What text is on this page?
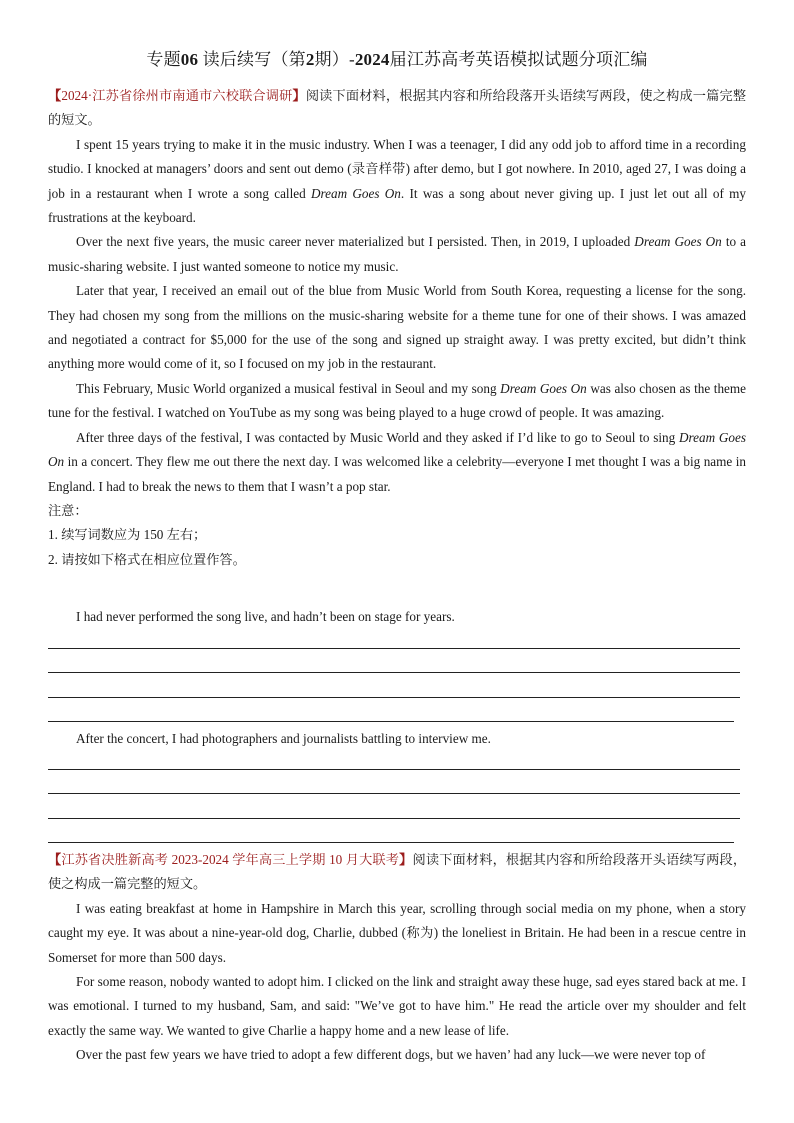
专题06 读后续写（第2期）-2024届江苏高考英语模拟试题分项汇编

【2024·江苏省徐州市南通市六校联合调研】阅读下面材料，根据其内容和所给段落开头语续写两段，使之构成一篇完整的短文。

I spent 15 years trying to make it in the music industry. When I was a teenager, I did any odd job to afford time in a recording studio. I knocked at managers’ doors and sent out demo (录音样带) after demo, but I got nowhere. In 2010, aged 27, I was doing a job in a restaurant when I wrote a song called Dream Goes On. It was a song about never giving up. I just let out all of my frustrations at the keyboard.

Over the next five years, the music career never materialized but I persisted. Then, in 2019, I uploaded Dream Goes On to a music-sharing website. I just wanted someone to notice my music.

Later that year, I received an email out of the blue from Music World from South Korea, requesting a license for the song. They had chosen my song from the millions on the music-sharing website for a theme tune for one of their shows. I was amazed and negotiated a contract for $5,000 for the use of the song and signed up straight away. I was pretty excited, but didn’t think anything more would come of it, so I focused on my job in the restaurant.

This February, Music World organized a musical festival in Seoul and my song Dream Goes On was also chosen as the theme tune for the festival. I watched on YouTube as my song was being played to a huge crowd of people. It was amazing.

After three days of the festival, I was contacted by Music World and they asked if I’d like to go to Seoul to sing Dream Goes On in a concert. They flew me out there the next day. I was welcomed like a celebrity—everyone I met thought I was a big name in England. I had to break the news to them that I wasn’t a pop star.

注意：

1. 续写词数应为 150 左右；

2. 请按如下格式在相应位置作答。

I had never performed the song live, and hadn’t been on stage for years.

After the concert, I had photographers and journalists battling to interview me.

【江苏省决胜新高考 2023-2024 学年高三上学期 10 月大联考】阅读下面材料，根据其内容和所给段落开头语续写两段，使之构成一篇完整的短文。

I was eating breakfast at home in Hampshire in March this year, scrolling through social media on my phone, when a story caught my eye. It was about a nine-year-old dog, Charlie, dubbed (称为) the loneliest in Britain. He had been in a rescue centre in Somerset for more than 500 days.

For some reason, nobody wanted to adopt him. I clicked on the link and straight away these huge, sad eyes stared back at me. I was emotional. I turned to my husband, Sam, and said: "We’ve got to have him." He read the article over my shoulder and felt exactly the same way. We wanted to give Charlie a happy home and a new lease of life.

Over the past few years we have tried to adopt a few different dogs, but we haven’ had any luck—we were never top of
